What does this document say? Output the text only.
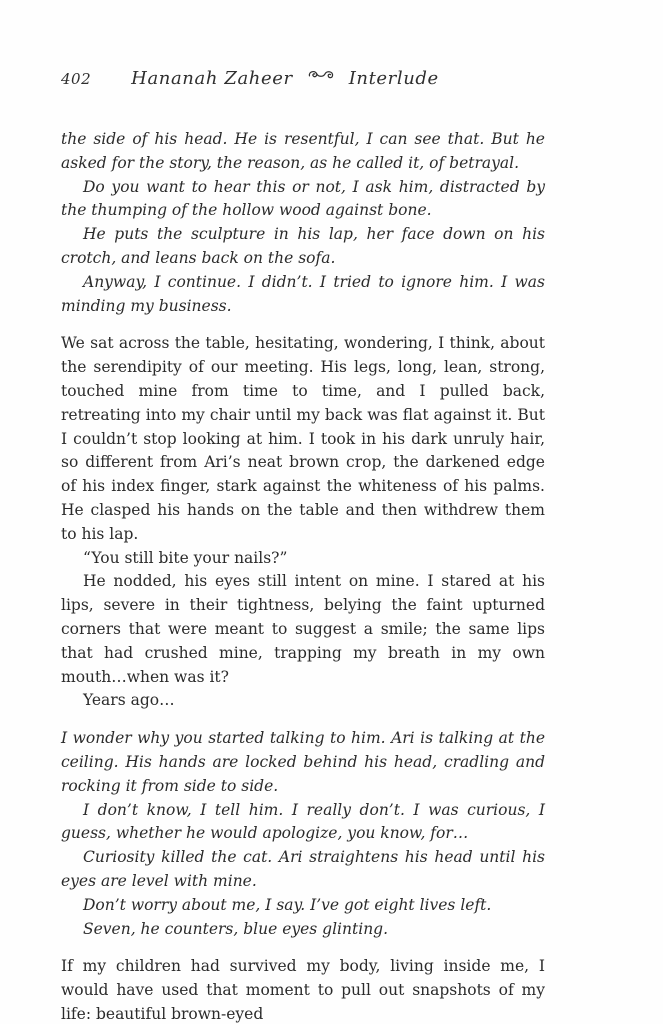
402 Hananah Zaheer	Interlude

the side of his head. He is resentful, I can see that. But he asked for the story, the reason, as he called it, of betrayal.

Do you want to hear this or not, I ask him, distracted by the thumping of the hollow wood against bone.

He puts the sculpture in his lap, her face down on his crotch, and leans back on the sofa.

Anyway, I continue. I didn’t. I tried to ignore him. I was minding my business.

We sat across the table, hesitating, wondering, I think, about the serendipity of our meeting. His legs, long, lean, strong, touched mine from time to time, and I pulled back, retreating into my chair until my back was flat against it. But I couldn’t stop looking at him. I took in his dark unruly hair, so different from Ari’s neat brown crop, the darkened edge of his index finger, stark against the whiteness of his palms. He clasped his hands on the table and then withdrew them to his lap.

“You still bite your nails?”

He nodded, his eyes still intent on mine. I stared at his lips, severe in their tightness, belying the faint upturned corners that were meant to suggest a smile; the same lips that had crushed mine, trapping my breath in my own mouth…when was it?

Years ago…

I wonder why you started talking to him. Ari is talking at the ceiling. His hands are locked behind his head, cradling and rocking it from side to side.

I don’t know, I tell him. I really don’t. I was curious, I guess, whether he would apologize, you know, for…

Curiosity killed the cat. Ari straightens his head until his eyes are level with mine.

Don’t worry about me, I say. I’ve got eight lives left.

Seven, he counters, blue eyes glinting.

If my children had survived my body, living inside me, I would have used that moment to pull out snapshots of my life: beautiful brown-eyed
